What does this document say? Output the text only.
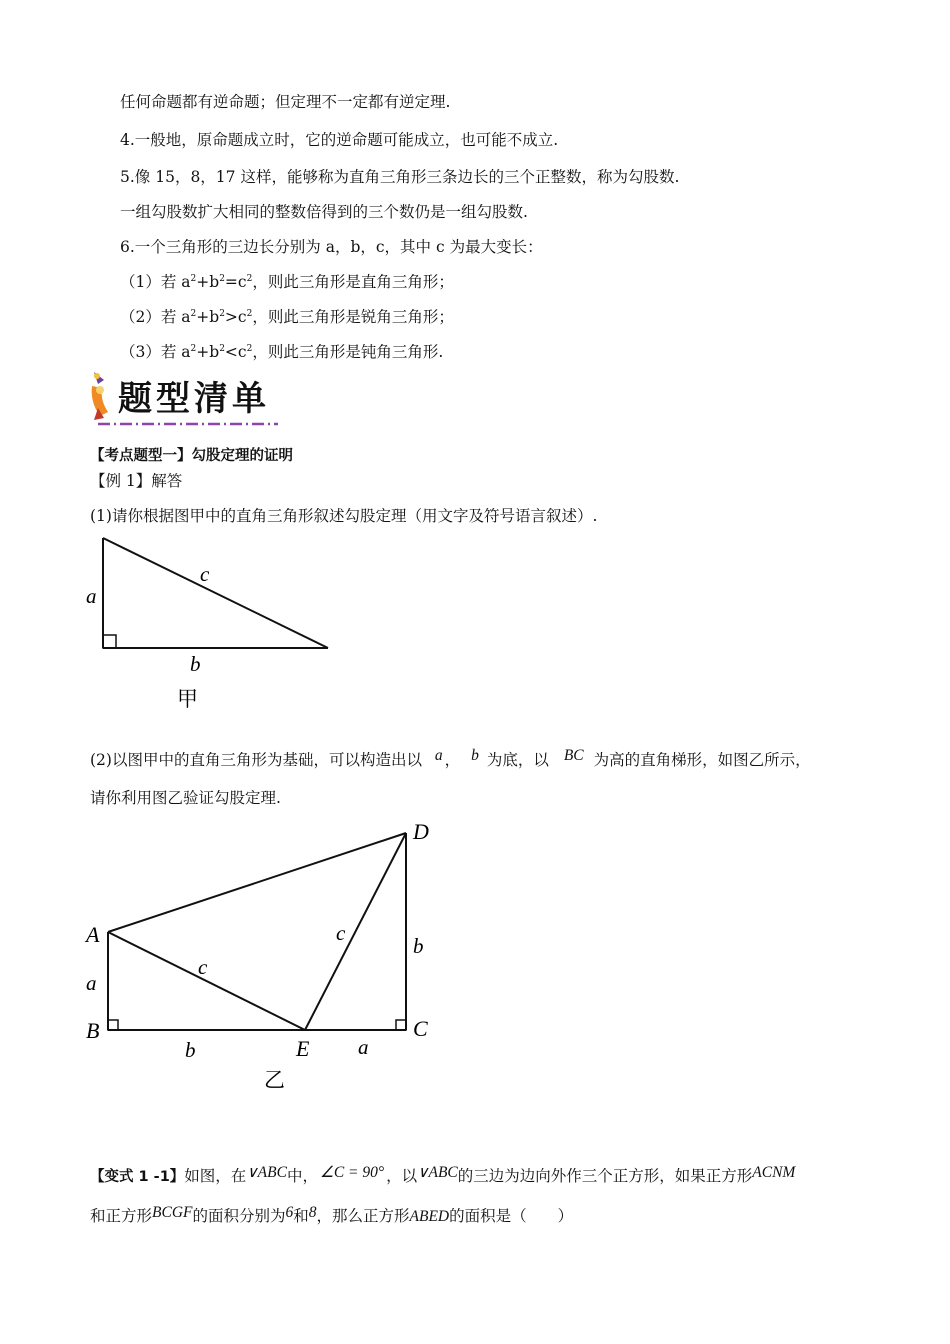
任何命题都有逆命题；但定理不一定都有逆定理.
4.一般地，原命题成立时，它的逆命题可能成立，也可能不成立.
5.像 15，8，17 这样，能够称为直角三角形三条边长的三个正整数，称为勾股数.
一组勾股数扩大相同的整数倍得到的三个数仍是一组勾股数.
6.一个三角形的三边长分别为 a，b，c，其中 c 为最大变长：
（1）若 $a^2+b^2=c^2$，则此三角形是直角三角形；
（2）若 $a^2+b^2>c^2$，则此三角形是锐角三角形；
（3）若 $a^2+b^2<c^2$，则此三角形是钝角三角形.
题型清单
【考点题型一】勾股定理的证明
【例 1】解答
(1)请你根据图甲中的直角三角形叙述勾股定理（用文字及符号语言叙述）.
a
c
b
甲
(2)以图甲中的直角三角形为基础，可以构造出以 a ， b 为底，以 BC 为高的直角梯形，如图乙所示，
请你利用图乙验证勾股定理.
A
B	C
D
E
a
a
b
b
c
c
乙
【变式 1 -1】如图，在∨ABC中， ∠C = 90° ，以∨ABC的三边为边向外作三个正方形，如果正方形ACNM
和正方形BCGF的面积分别为6和8，那么正方形ABED的面积是（　　）
